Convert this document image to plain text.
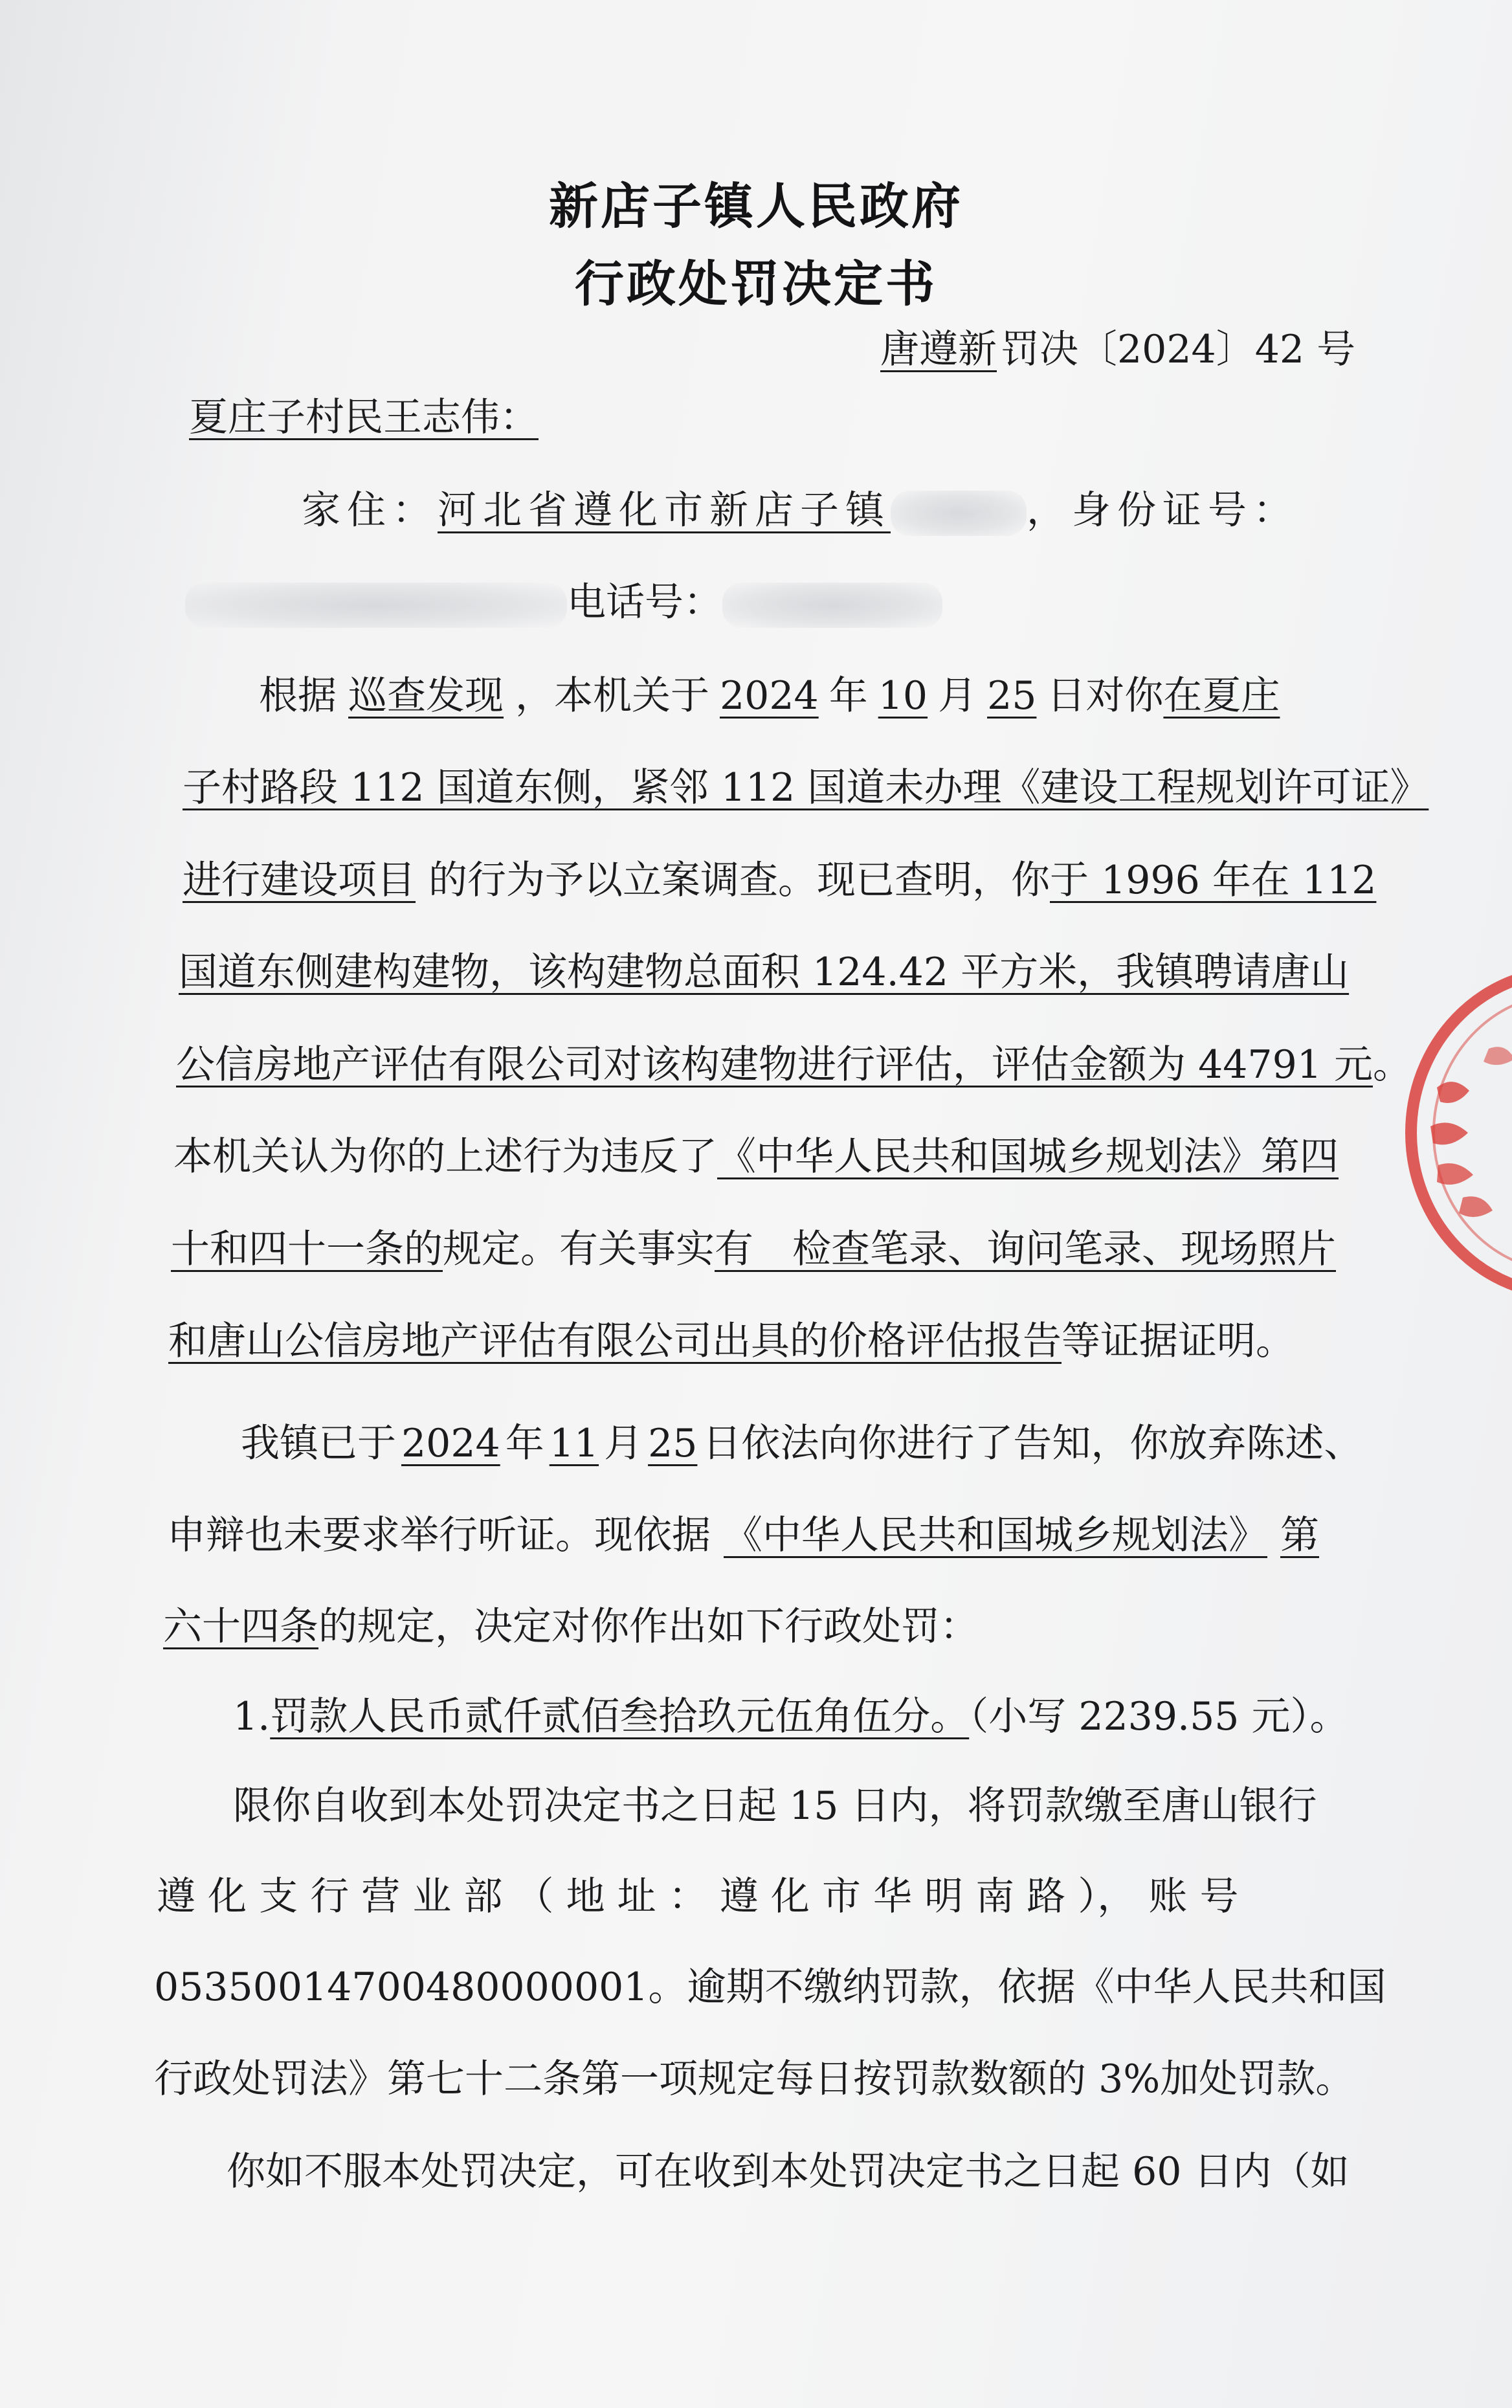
新店子镇人民政府
行政处罚决定书
唐遵新 罚决〔2024〕42 号
夏庄子村民王志伟：
家住：河北省遵化市新店子镇	，身份证号：
电话号：
根据 巡查发现 ，本机关于 2024 年 10 月 25 日对你在夏庄
子村路段 112 国道东侧，紧邻 112 国道未办理《建设工程规划许可证》
进行建设项目 的行为予以立案调查。现已查明，你于 1996 年在 112
国道东侧建构建物，该构建物总面积 124.42 平方米，我镇聘请唐山
公信房地产评估有限公司对该构建物进行评估，评估金额为 44791 元。
本机关认为你的上述行为违反了《中华人民共和国城乡规划法》第四
十和四十一条的规定。有关事实有　检查笔录、询问笔录、现场照片
和唐山公信房地产评估有限公司出具的价格评估报告等证据证明。
我镇已于 2024 年 11 月 25 日依法向你进行了告知，你放弃陈述、
申辩也未要求举行听证。现依据 《中华人民共和国城乡规划法》 第
六十四条的规定，决定对你作出如下行政处罚：
1.罚款人民币贰仟贰佰叁拾玖元伍角伍分。（小写 2239.55 元）。
限你自收到本处罚决定书之日起 15 日内，将罚款缴至唐山银行
遵 化 支 行 营 业 部 （ 地 址 ： 遵 化 市 华 明 南 路 ）， 账 号
05350014700480000001。逾期不缴纳罚款，依据《中华人民共和国
行政处罚法》第七十二条第一项规定每日按罚款数额的 3%加处罚款。
你如不服本处罚决定，可在收到本处罚决定书之日起 60 日内（如
